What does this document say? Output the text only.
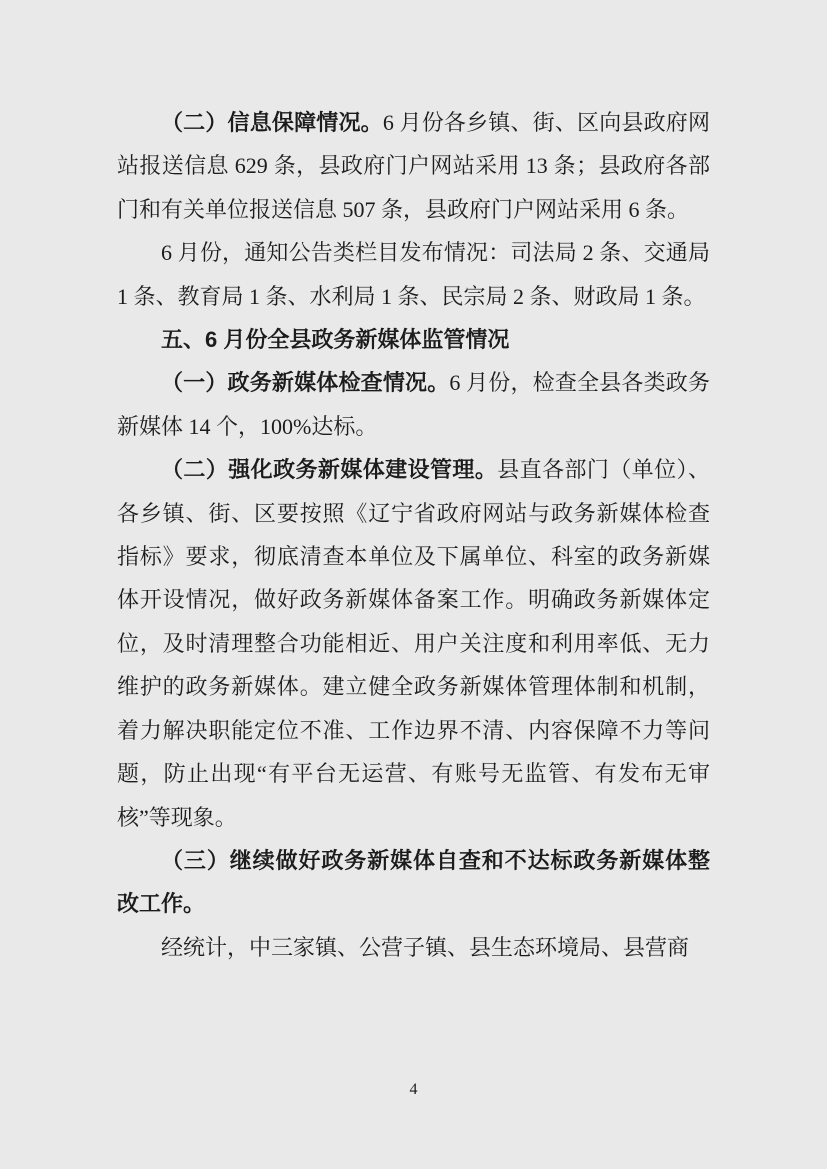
（二）信息保障情况。6 月份各乡镇、街、区向县政府网站报送信息 629 条，县政府门户网站采用 13 条；县政府各部门和有关单位报送信息 507 条，县政府门户网站采用 6 条。

6 月份，通知公告类栏目发布情况：司法局 2 条、交通局 1 条、教育局 1 条、水利局 1 条、民宗局 2 条、财政局 1 条。

五、6 月份全县政务新媒体监管情况

（一）政务新媒体检查情况。6 月份，检查全县各类政务新媒体 14 个，100%达标。

（二）强化政务新媒体建设管理。县直各部门（单位）、各乡镇、街、区要按照《辽宁省政府网站与政务新媒体检查指标》要求，彻底清查本单位及下属单位、科室的政务新媒体开设情况，做好政务新媒体备案工作。明确政务新媒体定位，及时清理整合功能相近、用户关注度和利用率低、无力维护的政务新媒体。建立健全政务新媒体管理体制和机制，着力解决职能定位不准、工作边界不清、内容保障不力等问题，防止出现“有平台无运营、有账号无监管、有发布无审核”等现象。

（三）继续做好政务新媒体自查和不达标政务新媒体整改工作。

经统计，中三家镇、公营子镇、县生态环境局、县营商

4
